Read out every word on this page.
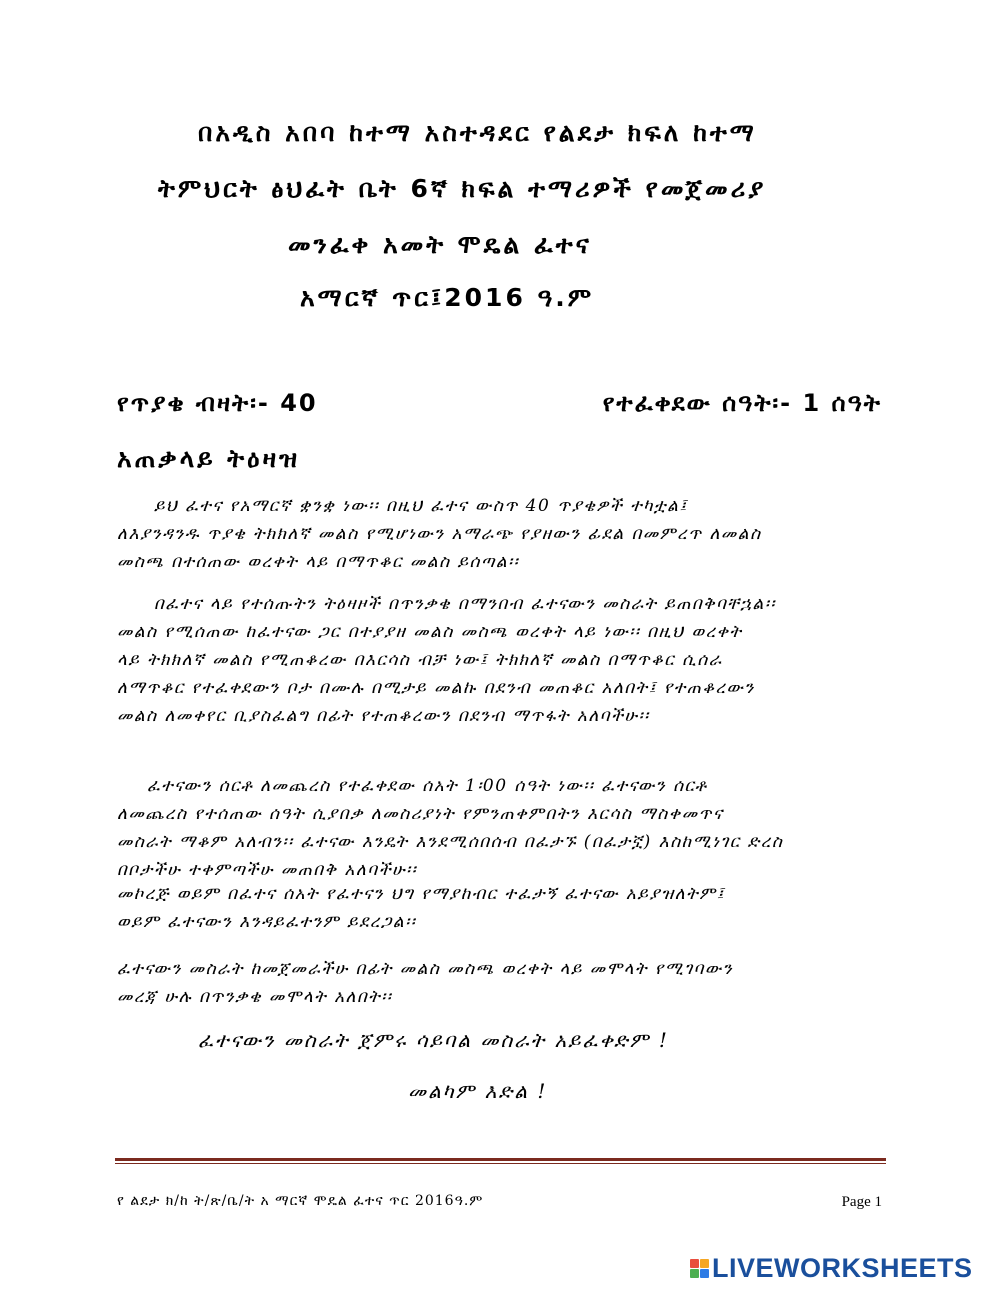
በአዲስ አበባ ከተማ አስተዳደር የልደታ ክፍለ ከተማ
ትምህርት ፅህፈት ቤት 6ኛ ክፍል ተማሪዎች የመጀመሪያ
መንፈቀ አመት ሞዴል ፈተና
አማርኛ ጥር፤2016 ዓ.ም
የጥያቄ ብዛት፡- 40	የተፈቀደው ሰዓት፡- 1 ሰዓት
አጠቃላይ ትዕዛዝ
ይህ ፈተና የአማርኛ ቋንቋ ነው፡፡ በዚህ ፈተና ውስጥ 40 ጥያቄዎች ተካቷል፤
ለእያንዳንዱ ጥያቄ ትክክለኛ መልስ የሚሆነውን አማራጭ የያዘውን ፊደል በመምረጥ ለመልስ
መስጫ በተሰጠው ወረቀት ላይ በማጥቆር መልስ ይሰጣል፡፡
በፈተና ላይ የተሰጡትን ትዕዛዞች በጥንቃቄ በማንበብ ፈተናውን መስራት ይጠበቅባቸኋል፡፡
መልስ የሚሰጠው ከፈተናው ጋር በተያያዘ መልስ መስጫ ወረቀት ላይ ነው፡፡ በዚህ ወረቀት
ላይ ትክክለኛ መልስ የሚጠቆረው በእርሳስ ብቻ ነው፤ ትክክለኛ መልስ በማጥቆር ሲሰራ
ለማጥቆር የተፈቀደውን ቦታ በሙሉ በሚታይ መልኩ በደንብ መጠቆር አለበት፤ የተጠቆረውን
መልስ ለመቀየር ቢያስፈልግ በፊት የተጠቆረውን በደንብ ማጥፋት አለባችሁ፡፡
ፈተናውን ሰርቶ ለመጨረስ የተፈቀደው ሰአት 1፡00 ሰዓት ነው፡፡ ፈተናውን ሰርቶ
ለመጨረስ የተሰጠው ሰዓት ሲያበቃ ለመስሪያነት የምንጠቀምበትን እርሳስ ማስቀመጥና
መስራት ማቆም አለብን፡፡ ፈተናው እንዴት እንደሚሰበሰብ በፈታኙ (በፈታኟ) እስከሚነገር ድረስ
በቦታችሁ ተቀምጣችሁ መጠበቅ አለባችሁ፡፡
መኮረጅ ወይም በፈተና ሰአት የፈተናን ህግ የማያከብር ተፈታኝ ፈተናው አይያዝለትም፤
ወይም ፈተናውን እንዳይፈተንም ይደረጋል፡፡
ፈተናውን መስራት ከመጀመራችሁ በፊት መልስ መስጫ ወረቀት ላይ መሞላት የሚገባውን
መረጃ ሁሉ በጥንቃቄ መሞላት አለበት፡፡
ፈተናውን መስራት ጀምሩ ሳይባል መስራት አይፈቀድም !
መልካም እድል !
የ ልደታ ክ/ከ ት/ጽ/ቤ/ት አ ማርኛ ሞዴል ፈተና ጥር 2016ዓ.ም	Page 1
LIVEWORKSHEETS
